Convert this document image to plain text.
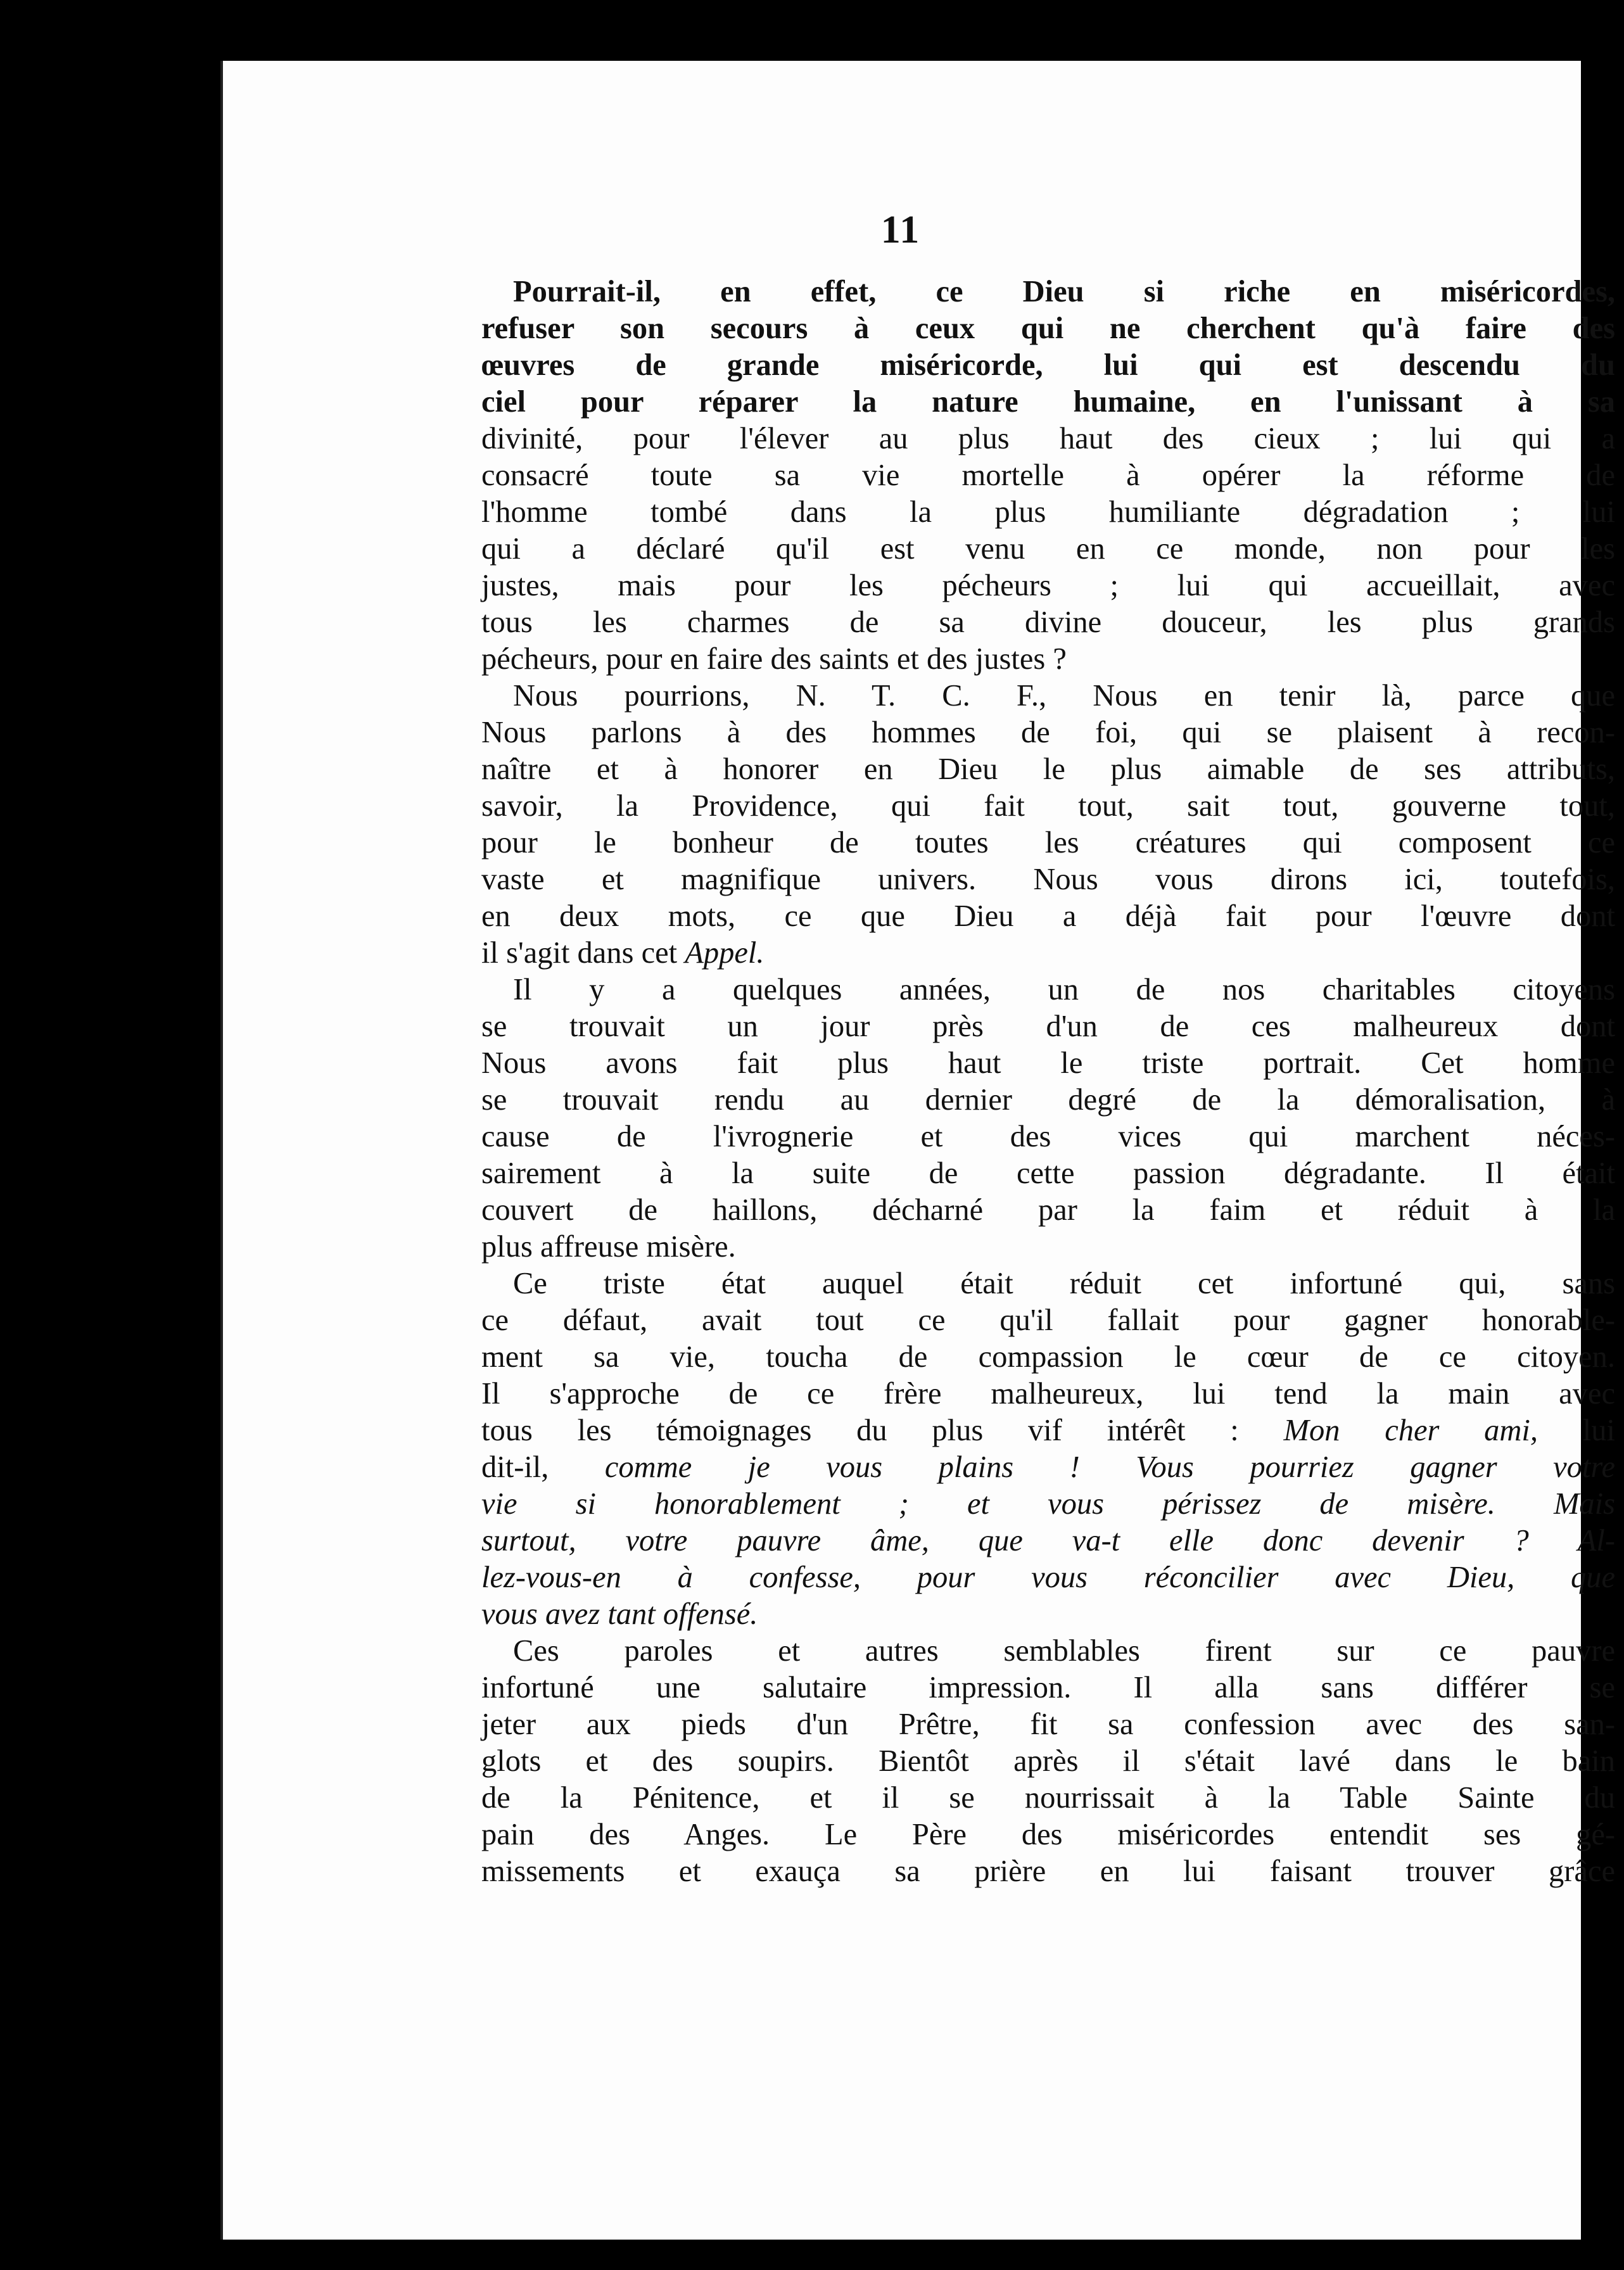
11
Pourrait-il, en effet, ce Dieu si riche en miséricordes,
refuser son secours à ceux qui ne cherchent qu'à faire des
œuvres de grande miséricorde, lui qui est descendu du
ciel pour réparer la nature humaine, en l'unissant à sa
divinité, pour l'élever au plus haut des cieux ; lui qui a
consacré toute sa vie mortelle à opérer la réforme de
l'homme tombé dans la plus humiliante dégradation ; lui
qui a déclaré qu'il est venu en ce monde, non pour les
justes, mais pour les pécheurs ; lui qui accueillait, avec
tous les charmes de sa divine douceur, les plus grands
pécheurs, pour en faire des saints et des justes ?
Nous pourrions, N. T. C. F., Nous en tenir là, parce que
Nous parlons à des hommes de foi, qui se plaisent à recon-
naître et à honorer en Dieu le plus aimable de ses attributs,
savoir, la Providence, qui fait tout, sait tout, gouverne tout,
pour le bonheur de toutes les créatures qui composent ce
vaste et magnifique univers. Nous vous dirons ici, toutefois,
en deux mots, ce que Dieu a déjà fait pour l'œuvre dont
il s'agit dans cet Appel.
Il y a quelques années, un de nos charitables citoyens
se trouvait un jour près d'un de ces malheureux dont
Nous avons fait plus haut le triste portrait. Cet homme
se trouvait rendu au dernier degré de la démoralisation, à
cause de l'ivrognerie et des vices qui marchent néces-
sairement à la suite de cette passion dégradante. Il était
couvert de haillons, décharné par la faim et réduit à la
plus affreuse misère.
Ce triste état auquel était réduit cet infortuné qui, sans
ce défaut, avait tout ce qu'il fallait pour gagner honorable-
ment sa vie, toucha de compassion le cœur de ce citoyen.
Il s'approche de ce frère malheureux, lui tend la main avec
tous les témoignages du plus vif intérêt : Mon cher ami, lui
dit-il, comme je vous plains ! Vous pourriez gagner votre
vie si honorablement ; et vous périssez de misère. Mais
surtout, votre pauvre âme, que va-t elle donc devenir ? Al-
lez-vous-en à confesse, pour vous réconcilier avec Dieu, que
vous avez tant offensé.
Ces paroles et autres semblables firent sur ce pauvre
infortuné une salutaire impression. Il alla sans différer se
jeter aux pieds d'un Prêtre, fit sa confession avec des san-
glots et des soupirs. Bientôt après il s'était lavé dans le bain
de la Pénitence, et il se nourrissait à la Table Sainte du
pain des Anges. Le Père des miséricordes entendit ses gé-
missements et exauça sa prière en lui faisant trouver grâce
